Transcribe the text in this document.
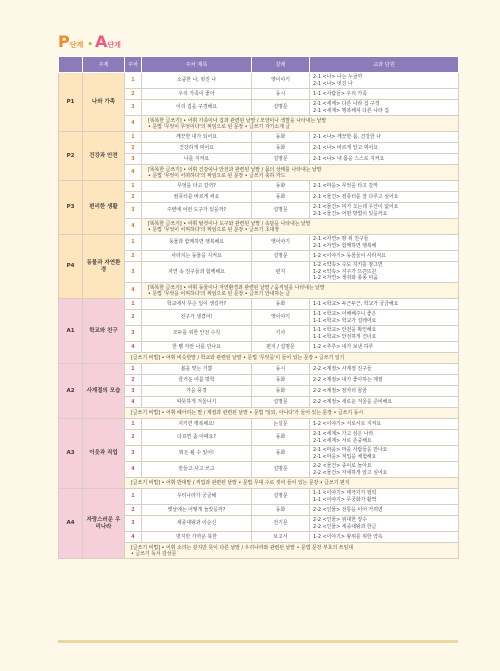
P 단계 • A 단계
	주제	주차	주차 제목	갈래	교과 단원
P1	나와 가족	1	소중한 나, 멋진 나	옛이야기	2-1 <나> 나는 누굴까
2-1 <나> 멋진 나

		2	우리 가족이 좋아	동시	1-1 <사람들> 우리 가족

		3	이리 집을 구경해요	설명문	2-1 <세계> 다른 나라 집 구경
2-1 <세계> 행복해져 다른 나라 집

		4	[똑똑한 글쓰기] • 어휘 가족이나 집과 관련된 낱말 / 모양이나 색깔을 나타내는 낱말
• 문법 '무엇이 무엇이다'의 짜임으로 된 문장 • 글쓰기 자기소개 글		

P2	건강과 안전	1	깨끗한 내가 되어요	동화	2-1 <나> 깨끗한 몸, 건강한 나

		2	건강하게 먹어요	동화	2-1 <나> 바르게 알고 먹어요

		3	나를 지켜요	설명문	2-1 <나> 내 몸을 스스로 지켜요

		4	[똑똑한 글쓰기] • 어휘 건강이나 안전과 관련된 낱말 / 몸의 상태를 나타내는 낱말
• 문법 '무엇이 어떠하다'의 짜임으로 된 문장 • 글쓰기 축하 카드		

P3	편리한 생활	1	무엇을 타고 갈까?	동화	2-1 <마을> 무엇을 타고 갈까

		2	컴퓨터를 바르게 써요	동화	2-1 <물건> 컴퓨터를 잘 다루고 싶어요

		3	주변에 어떤 도구가 있을까?	설명문	2-1 <물건> 비가 오는데 우산이 없어요
2-1 <물건> 어떤 방법이 있을까요

		4	[똑똑한 글쓰기] • 어휘 탈것이나 도구와 관련된 낱말 / 속담을 나타내는 낱말
• 문법 '무엇이 어찌하다'의 짜임으로 된 문장 • 글쓰기 초대장		

P4	동물과 자연환경	1	동물과 함께하면 행복해요	옛이야기	2-1 <자연> 땅 위 친구들
2-1 <자연> 함께하면 행복해

		2	사라지는 동물을 지켜요	설명문	1-2 <이야기> 동물들이 사라져요

		3	자연 속 친구들과 함께해요	편지	1-2 <약속> 수도 지키를 잠그면
1-2 <약속> 지구가 뜨끈뜨끈
1-2 <자연> 생쥐와 퐁퐁 피움

		4	[똑똑한 글쓰기] • 어휘 동물이나 자연환경과 관련된 낱말 / 움직임을 나타내는 낱말
• 문법 '무엇을 어찌하다'의 짜임으로 된 문장 • 글쓰기 안내하는 글		

A1	학교와 친구	1	학교에서 무슨 일이 생길까?	동화	1-1 <학교> 두근두근, 학교가 궁금해요

		2	친구가 생겼어!	옛이야기	1-1 <학교> 이해해주니 좋은
1-1 <학교> 학교가 설레어요

		3	모두를 위한 안전 수칙	기사	1-1 <학교> 안전을 확인해요
1-1 <학교> 안전하게 건너요

		4	한 뼘 자란 나를 만나요	편지 / 설명문	1-2 <추루> 내가 보낸 하루

		[글쓰기 비법] • 어휘 비슷한말 / 학교와 관련된 낱말 • 문법 '무엇을'이 들어 있는 문장 • 글쓰기 일기			

A2	사계절의 모습	1	봄을 맞는 기쁨	동시	2-2 <계절> 사계절 친구들

		2	즐거운 여름 방학	동화	2-2 <계절> 내가 좋아하는 계절

		3	가을 풍경	동화	2-2 <계절> 잠자리 꿈꿈

		4	따뜻하게 겨울나기	설명문	2-2 <계절> 새로운 겨울을 준비해요

		[글쓰기 비법] • 어휘 헤아리는 말 / 계절과 관련된 낱말 • 문법 '잎되, 아니다'가 들어 있는 문장 • 글쓰기 동시			

A3	이웃과 직업	1	지키면 행복해요!	논설문	1-2 <이야기> 서로서로 지켜요

		2	다르면 좀 어때요?	동화	2-1 <세계> 가고 싶은 나라
2-1 <세계> 서로 존중해요

		3	뭐든 될 수 있어!	동화	2-1 <마을> 마을 사람들을 만나요
2-1 <마을> 직업을 체험해요

		4	만들고 사고 쓰고	설명문	2-2 <물건> 종이로 놀아요
2-2 <물건> 자세하게 알고 싶어요

		[글쓰기 비법] • 어휘 반대말 / 직업과 관련된 낱말 • 문법 무대 수로 짓여 들어 있는 문장 • 글쓰기 편지			

A4	자랑스러운 우리나라	1	우리나라가 궁금해	설명문	1-1 <이야기> 태극기가 펄럭
1-1 <이야기> 무궁화가 활짝

		2	옛날에는 어떻게 놀았을까?	동화	2-2 <인물> 전통을 이어 가려면

		3	세종대왕과 이순신	전기문	2-2 <인물> 위대한 장수
2-2 <인물> 세종대왕과 한글

		4	멋지만 가까운 북한	보고서	1-2 <이야기> 왕위를 위한 약속

		[글쓰기 비법] • 어휘 소리는 같지만 뜻이 다른 낱말 / 우리나라와 관련된 낱말 • 문법 문장 부호의 쓰임새
• 글쓰기 독서 감상문			
